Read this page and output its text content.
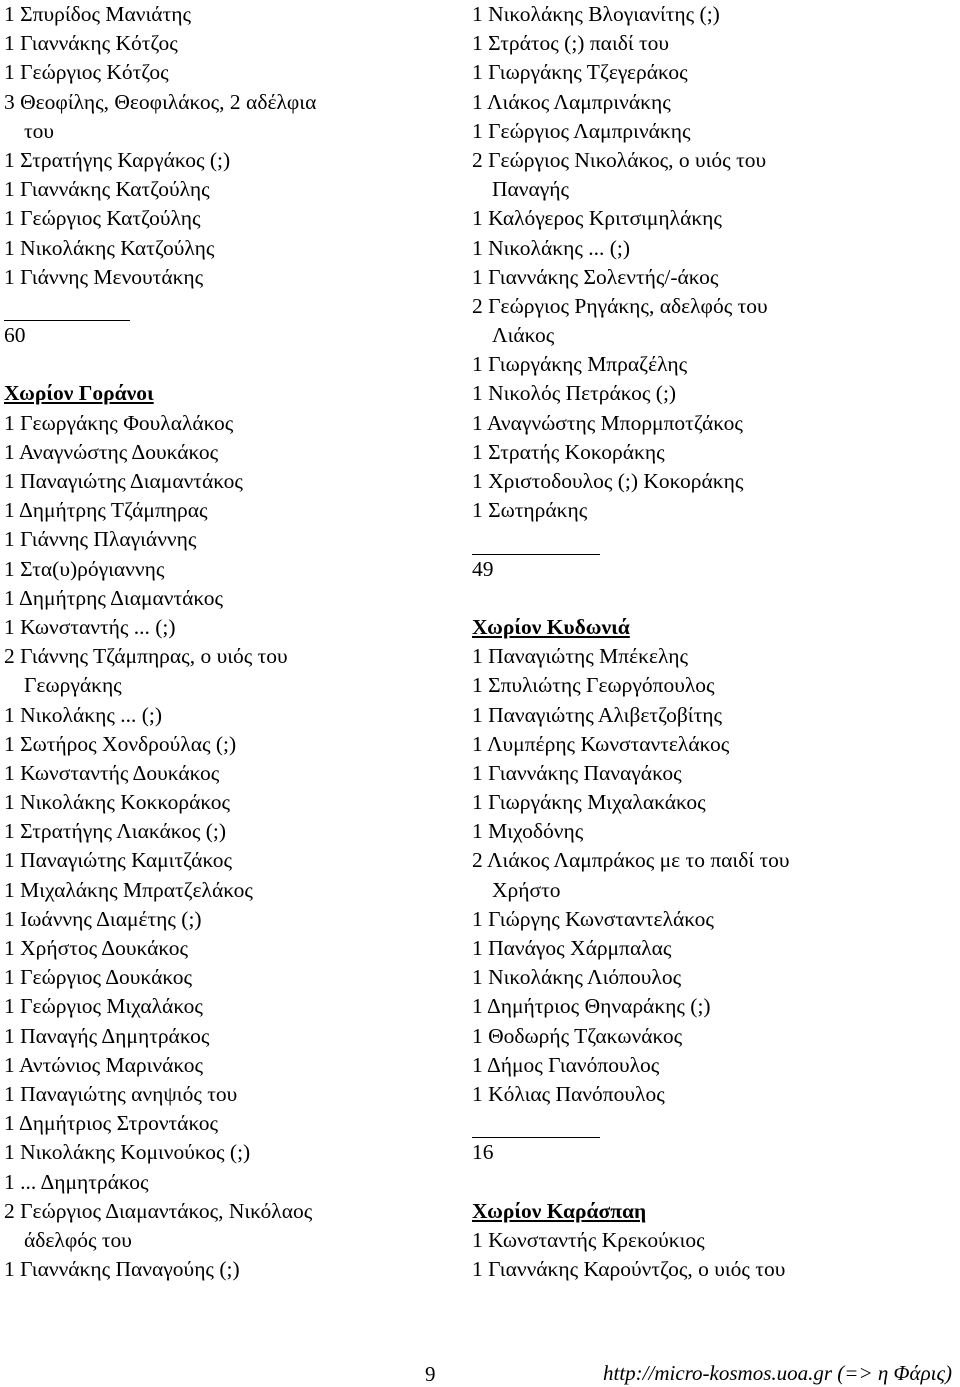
1 Σπυρίδος Μανιάτης
1 Γιαννάκης Κότζος
1 Γεώργιος Κότζος
3 Θεοφίλης, Θεοφιλάκος, 2 αδέλφια
του
1 Στρατήγης Καργάκος (;)
1 Γιαννάκης Κατζούλης
1 Γεώργιος Κατζούλης
1 Νικολάκης Κατζούλης
1 Γιάννης Μενουτάκης
60
Χωρίον Γοράνοι
1 Γεωργάκης Φουλαλάκος
1 Αναγνώστης Δουκάκος
1 Παναγιώτης Διαμαντάκος
1 Δημήτρης Τζάμπηρας
1 Γιάννης Πλαγιάννης
1 Στα(υ)ρόγιαννης
1 Δημήτρης Διαμαντάκος
1 Κωνσταντής ... (;)
2 Γιάννης Τζάμπηρας, ο υιός του
Γεωργάκης
1 Νικολάκης ... (;)
1 Σωτήρος Χονδρούλας (;)
1 Κωνσταντής Δουκάκος
1 Νικολάκης Κοκκοράκος
1 Στρατήγης Λιακάκος (;)
1 Παναγιώτης Καμιτζάκος
1 Μιχαλάκης Μπρατζελάκος
1 Ιωάννης Διαμέτης (;)
1 Χρήστος Δουκάκος
1 Γεώργιος Δουκάκος
1 Γεώργιος Μιχαλάκος
1 Παναγής Δημητράκος
1 Αντώνιος Μαρινάκος
1 Παναγιώτης ανηψιός του
1 Δημήτριος Στροντάκος
1 Νικολάκης Κομινούκος (;)
1 ... Δημητράκος
2 Γεώργιος Διαμαντάκος, Νικόλαος
άδελφός του
1 Γιαννάκης Παναγούης (;)
1 Νικολάκης Βλογιανίτης (;)
1 Στράτος (;) παιδί του
1 Γιωργάκης Τζεγεράκος
1 Λιάκος Λαμπρινάκης
1 Γεώργιος Λαμπρινάκης
2 Γεώργιος Νικολάκος, ο υιός του
Παναγής
1 Καλόγερος Κριτσιμηλάκης
1 Νικολάκης ... (;)
1 Γιαννάκης Σολεντής/-άκος
2 Γεώργιος Ρηγάκης, αδελφός του
Λιάκος
1 Γιωργάκης Μπραζέλης
1 Νικολός Πετράκος (;)
1 Αναγνώστης Μπορμποτζάκος
1 Στρατής Κοκοράκης
1 Χριστοδουλος (;) Κοκοράκης
1 Σωτηράκης
49
Χωρίον Κυδωνιά
1 Παναγιώτης Μπέκελης
1 Σπυλιώτης Γεωργόπουλος
1 Παναγιώτης Αλιβετζοβίτης
1 Λυμπέρης Κωνσταντελάκος
1 Γιαννάκης Παναγάκος
1 Γιωργάκης Μιχαλακάκος
1 Μιχοδόνης
2 Λιάκος Λαμπράκος με το παιδί του
Χρήστο
1 Γιώργης Κωνσταντελάκος
1 Πανάγος Χάρμπαλας
1 Νικολάκης Λιόπουλος
1 Δημήτριος Θηναράκης (;)
1 Θοδωρής Τζακωνάκος
1 Δήμος Γιανόπουλος
1 Κόλιας Πανόπουλος
16
Χωρίον Καράσπαη
1 Κωνσταντής Κρεκούκιος
1 Γιαννάκης Καρούντζος, ο υιός του
9	http://micro-kosmos.uoa.gr (=> η Φάρις)
